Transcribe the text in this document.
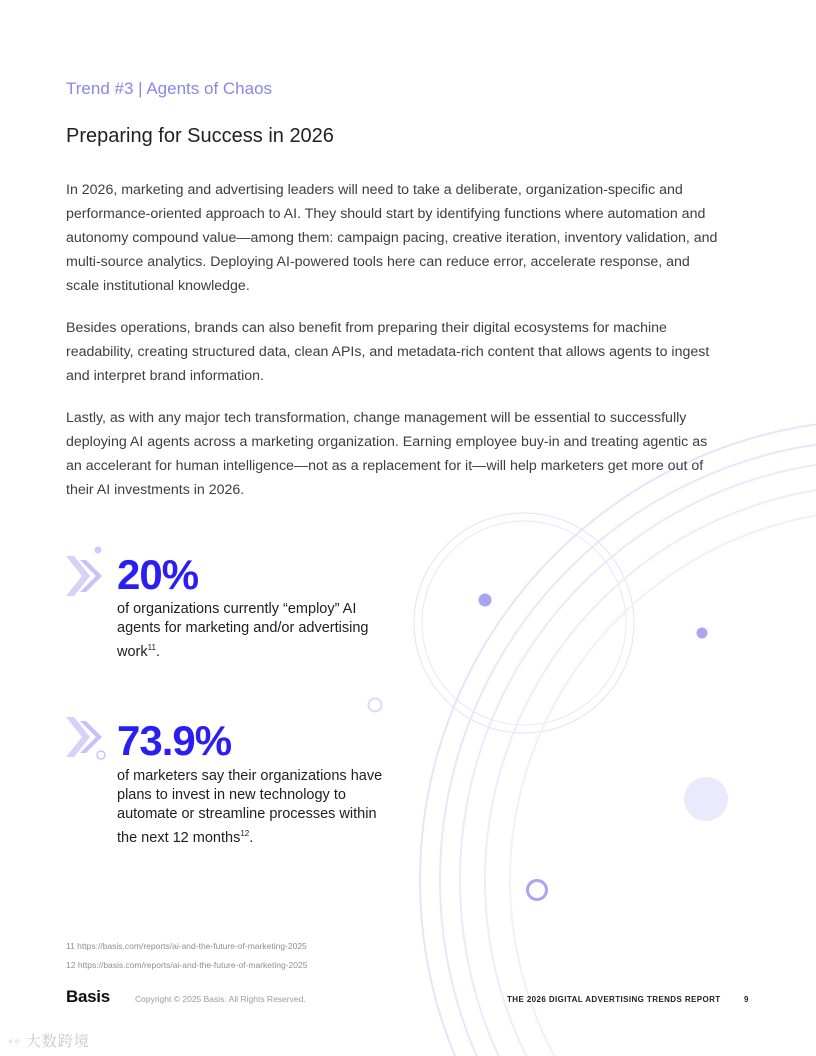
Trend #3 | Agents of Chaos
Preparing for Success in 2026

In 2026, marketing and advertising leaders will need to take a deliberate, organization-specific and performance-oriented approach to AI. They should start by identifying functions where automation and autonomy compound value—among them: campaign pacing, creative iteration, inventory validation, and multi-source analytics. Deploying AI-powered tools here can reduce error, accelerate response, and scale institutional knowledge.

Besides operations, brands can also benefit from preparing their digital ecosystems for machine readability, creating structured data, clean APIs, and metadata-rich content that allows agents to ingest and interpret brand information.

Lastly, as with any major tech transformation, change management will be essential to successfully deploying AI agents across a marketing organization. Earning employee buy-in and treating agentic as an accelerant for human intelligence—not as a replacement for it—will help marketers get more out of their AI investments in 2026.

20%
of organizations currently “employ” AI agents for marketing and/or advertising work$^{11}$.
73.9%
of marketers say their organizations have plans to invest in new technology to automate or streamline processes within the next 12 months$^{12}$.
11 https://basis.com/reports/ai-and-the-future-of-marketing-2025
12 https://basis.com/reports/ai-and-the-future-of-marketing-2025
Basis	Copyright © 2025 Basis. All Rights Reserved.	THE 2026 DIGITAL ADVERTISING TRENDS REPORT	9
◦◦ 大数跨境
